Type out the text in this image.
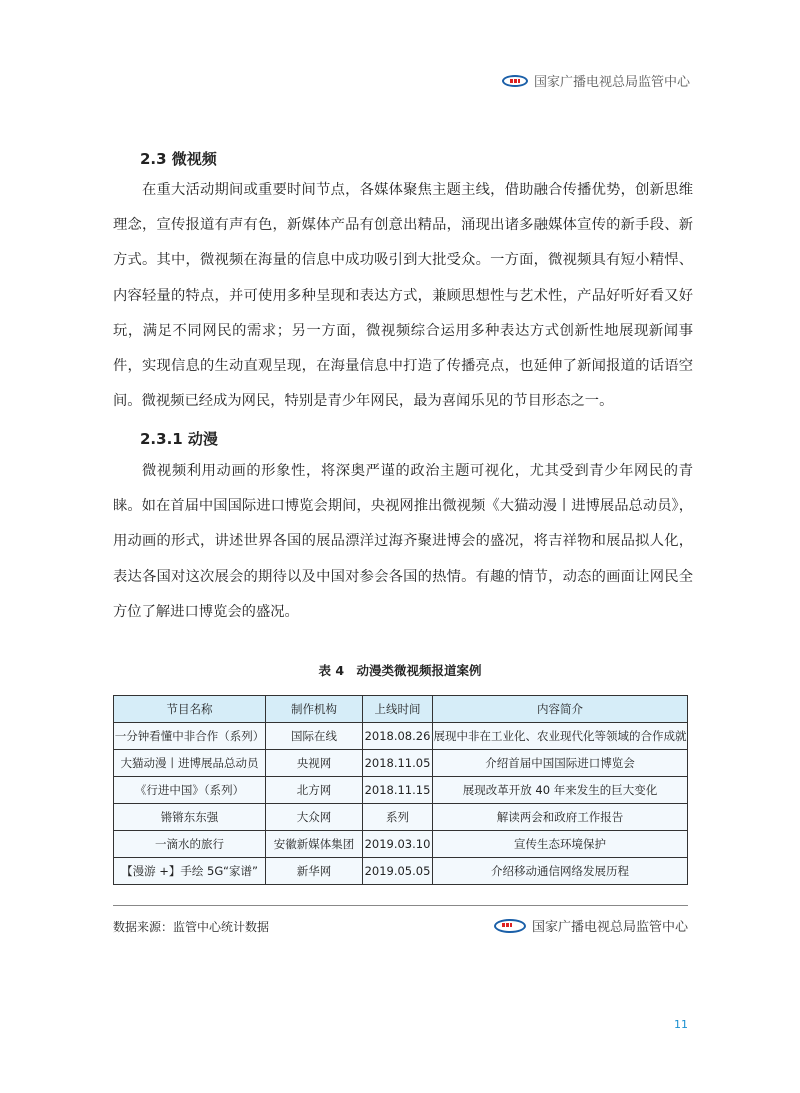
国家广播电视总局监管中心
2.3 微视频
在重大活动期间或重要时间节点，各媒体聚焦主题主线，借助融合传播优势，创新思维理念，宣传报道有声有色，新媒体产品有创意出精品，涌现出诸多融媒体宣传的新手段、新方式。其中，微视频在海量的信息中成功吸引到大批受众。一方面，微视频具有短小精悍、内容轻量的特点，并可使用多种呈现和表达方式，兼顾思想性与艺术性，产品好听好看又好玩，满足不同网民的需求；另一方面，微视频综合运用多种表达方式创新性地展现新闻事件，实现信息的生动直观呈现，在海量信息中打造了传播亮点，也延伸了新闻报道的话语空间。微视频已经成为网民，特别是青少年网民，最为喜闻乐见的节目形态之一。
2.3.1 动漫
微视频利用动画的形象性，将深奥严谨的政治主题可视化，尤其受到青少年网民的青睐。如在首届中国国际进口博览会期间，央视网推出微视频《大猫动漫丨进博展品总动员》，用动画的形式，讲述世界各国的展品漂洋过海齐聚进博会的盛况，将吉祥物和展品拟人化，表达各国对这次展会的期待以及中国对参会各国的热情。有趣的情节，动态的画面让网民全方位了解进口博览会的盛况。
表 4　动漫类微视频报道案例
节目名称	制作机构	上线时间	内容简介
一分钟看懂中非合作（系列）	国际在线	2018.08.26	展现中非在工业化、农业现代化等领域的合作成就
大猫动漫丨进博展品总动员	央视网	2018.11.05	介绍首届中国国际进口博览会
《行进中国》（系列）	北方网	2018.11.15	展现改革开放 40 年来发生的巨大变化
锵锵东东强	大众网	系列	解读两会和政府工作报告
一滴水的旅行	安徽新媒体集团	2019.03.10	宣传生态环境保护
【漫游 +】手绘 5G“家谱”	新华网	2019.05.05	介绍移动通信网络发展历程
数据来源：监管中心统计数据	国家广播电视总局监管中心
11
